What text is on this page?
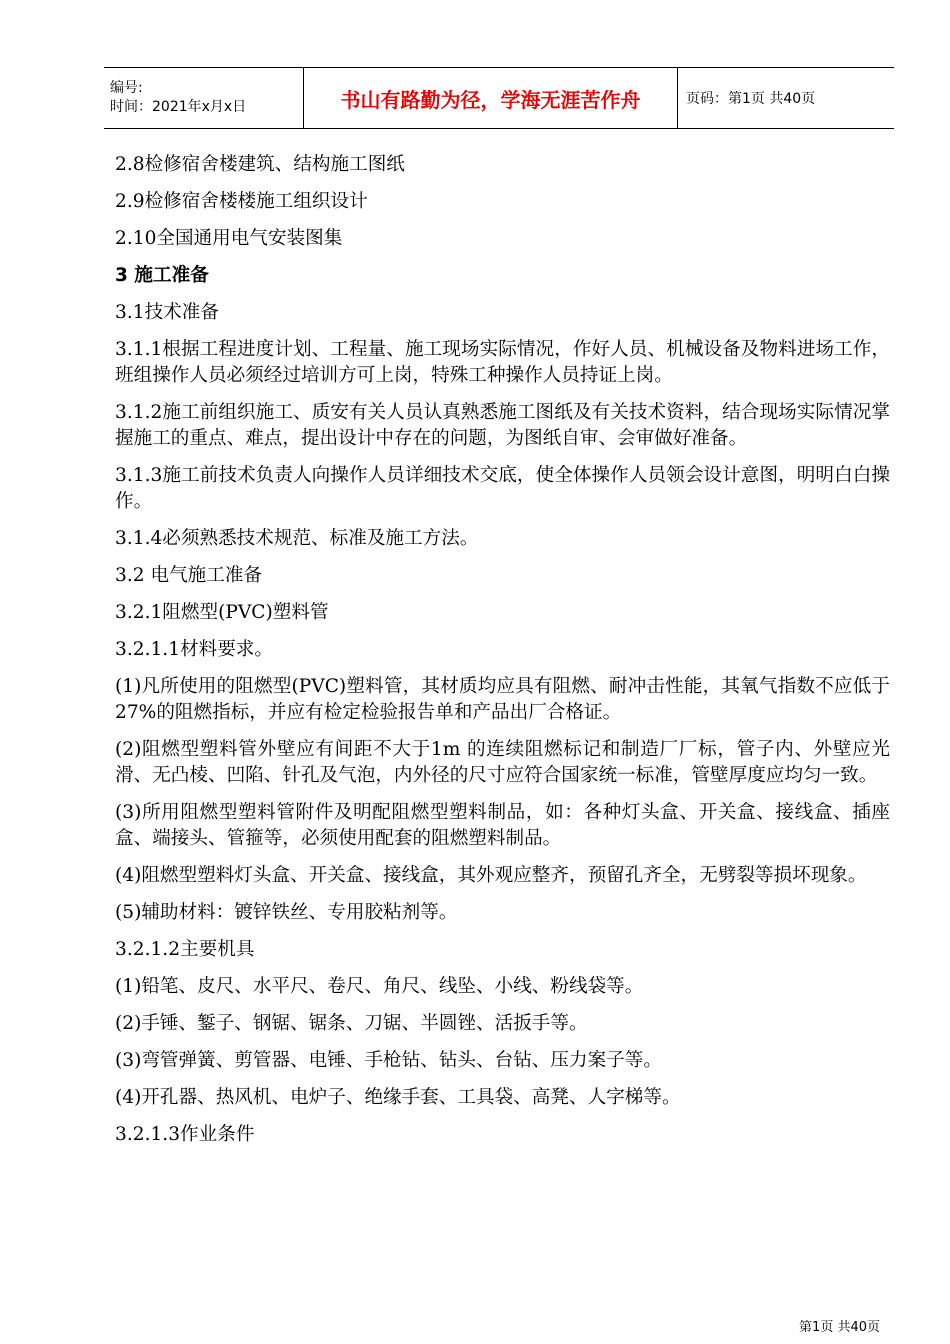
编号:
时间：2021年x月x日	书山有路勤为径，学海无涯苦作舟	页码：第1页 共40页

2.8检修宿舍楼建筑、结构施工图纸

2.9检修宿舍楼楼施工组织设计

2.10全国通用电气安装图集

3 施工准备

3.1技术准备

3.1.1根据工程进度计划、工程量、施工现场实际情况，作好人员、机械设备及物料进场工作，班组操作人员必须经过培训方可上岗，特殊工种操作人员持证上岗。

3.1.2施工前组织施工、质安有关人员认真熟悉施工图纸及有关技术资料，结合现场实际情况掌握施工的重点、难点，提出设计中存在的问题，为图纸自审、会审做好准备。

3.1.3施工前技术负责人向操作人员详细技术交底，使全体操作人员领会设计意图，明明白白操作。

3.1.4必须熟悉技术规范、标准及施工方法。

3.2 电气施工准备

3.2.1阻燃型(PVC)塑料管

3.2.1.1材料要求。

(1)凡所使用的阻燃型(PVC)塑料管，其材质均应具有阻燃、耐冲击性能，其氧气指数不应低于27%的阻燃指标，并应有检定检验报告单和产品出厂合格证。

(2)阻燃型塑料管外壁应有间距不大于1m 的连续阻燃标记和制造厂厂标，管子内、外壁应光滑、无凸棱、凹陷、针孔及气泡，内外径的尺寸应符合国家统一标准，管壁厚度应均匀一致。

(3)所用阻燃型塑料管附件及明配阻燃型塑料制品，如：各种灯头盒、开关盒、接线盒、插座盒、端接头、管箍等，必须使用配套的阻燃塑料制品。

(4)阻燃型塑料灯头盒、开关盒、接线盒，其外观应整齐，预留孔齐全，无劈裂等损坏现象。

(5)辅助材料：镀锌铁丝、专用胶粘剂等。

3.2.1.2主要机具

(1)铅笔、皮尺、水平尺、卷尺、角尺、线坠、小线、粉线袋等。

(2)手锤、錾子、钢锯、锯条、刀锯、半圆锉、活扳手等。

(3)弯管弹簧、剪管器、电锤、手枪钻、钻头、台钻、压力案子等。

(4)开孔器、热风机、电炉子、绝缘手套、工具袋、高凳、人字梯等。

3.2.1.3作业条件

第1页 共40页
